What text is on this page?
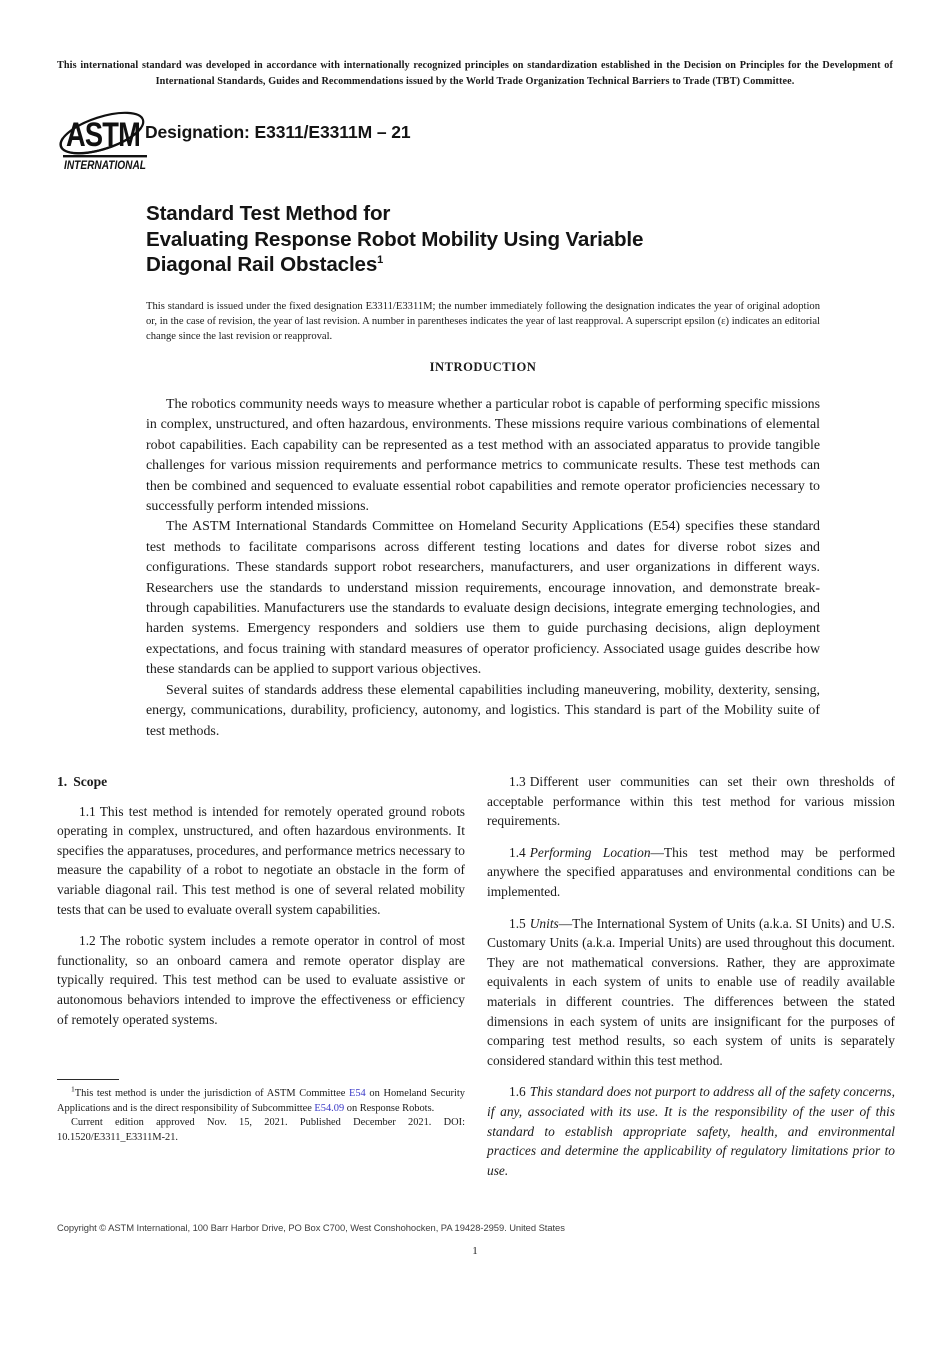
This international standard was developed in accordance with internationally recognized principles on standardization established in the Decision on Principles for the Development of International Standards, Guides and Recommendations issued by the World Trade Organization Technical Barriers to Trade (TBT) Committee.
ASTM
INTERNATIONAL
Designation: E3311/E3311M – 21
Standard Test Method for
Evaluating Response Robot Mobility Using Variable
Diagonal Rail Obstacles$^1$
This standard is issued under the fixed designation E3311/E3311M; the number immediately following the designation indicates the year of original adoption or, in the case of revision, the year of last revision. A number in parentheses indicates the year of last reapproval. A superscript epsilon (ε) indicates an editorial change since the last revision or reapproval.
INTRODUCTION

The robotics community needs ways to measure whether a particular robot is capable of performing specific missions in complex, unstructured, and often hazardous, environments. These missions require various combinations of elemental robot capabilities. Each capability can be represented as a test method with an associated apparatus to provide tangible challenges for various mission requirements and performance metrics to communicate results. These test methods can then be combined and sequenced to evaluate essential robot capabilities and remote operator proficiencies necessary to successfully perform intended missions.

The ASTM International Standards Committee on Homeland Security Applications (E54) specifies these standard test methods to facilitate comparisons across different testing locations and dates for diverse robot sizes and configurations. These standards support robot researchers, manufacturers, and user organizations in different ways. Researchers use the standards to understand mission requirements, encourage innovation, and demonstrate break-through capabilities. Manufacturers use the standards to evaluate design decisions, integrate emerging technologies, and harden systems. Emergency responders and soldiers use them to guide purchasing decisions, align deployment expectations, and focus training with standard measures of operator proficiency. Associated usage guides describe how these standards can be applied to support various objectives.

Several suites of standards address these elemental capabilities including maneuvering, mobility, dexterity, sensing, energy, communications, durability, proficiency, autonomy, and logistics. This standard is part of the Mobility suite of test methods.

1. Scope

1.1 This test method is intended for remotely operated ground robots operating in complex, unstructured, and often hazardous environments. It specifies the apparatuses, procedures, and performance metrics necessary to measure the capability of a robot to negotiate an obstacle in the form of variable diagonal rail. This test method is one of several related mobility tests that can be used to evaluate overall system capabilities.

1.2 The robotic system includes a remote operator in control of most functionality, so an onboard camera and remote operator display are typically required. This test method can be used to evaluate assistive or autonomous behaviors intended to improve the effectiveness or efficiency of remotely operated systems.

1.3 Different user communities can set their own thresholds of acceptable performance within this test method for various mission requirements.

1.4 Performing Location—This test method may be performed anywhere the specified apparatuses and environmental conditions can be implemented.

1.5 Units—The International System of Units (a.k.a. SI Units) and U.S. Customary Units (a.k.a. Imperial Units) are used throughout this document. They are not mathematical conversions. Rather, they are approximate equivalents in each system of units to enable use of readily available materials in different countries. The differences between the stated dimensions in each system of units are insignificant for the purposes of comparing test method results, so each system of units is separately considered standard within this test method.

1.6 This standard does not purport to address all of the safety concerns, if any, associated with its use. It is the responsibility of the user of this standard to establish appropriate safety, health, and environmental practices and determine the applicability of regulatory limitations prior to use.

$^1$This test method is under the jurisdiction of ASTM Committee E54 on Homeland Security Applications and is the direct responsibility of Subcommittee E54.09 on Response Robots.

Current edition approved Nov. 15, 2021. Published December 2021. DOI: 10.1520/E3311_E3311M-21.

Copyright © ASTM International, 100 Barr Harbor Drive, PO Box C700, West Conshohocken, PA 19428-2959. United States
1
